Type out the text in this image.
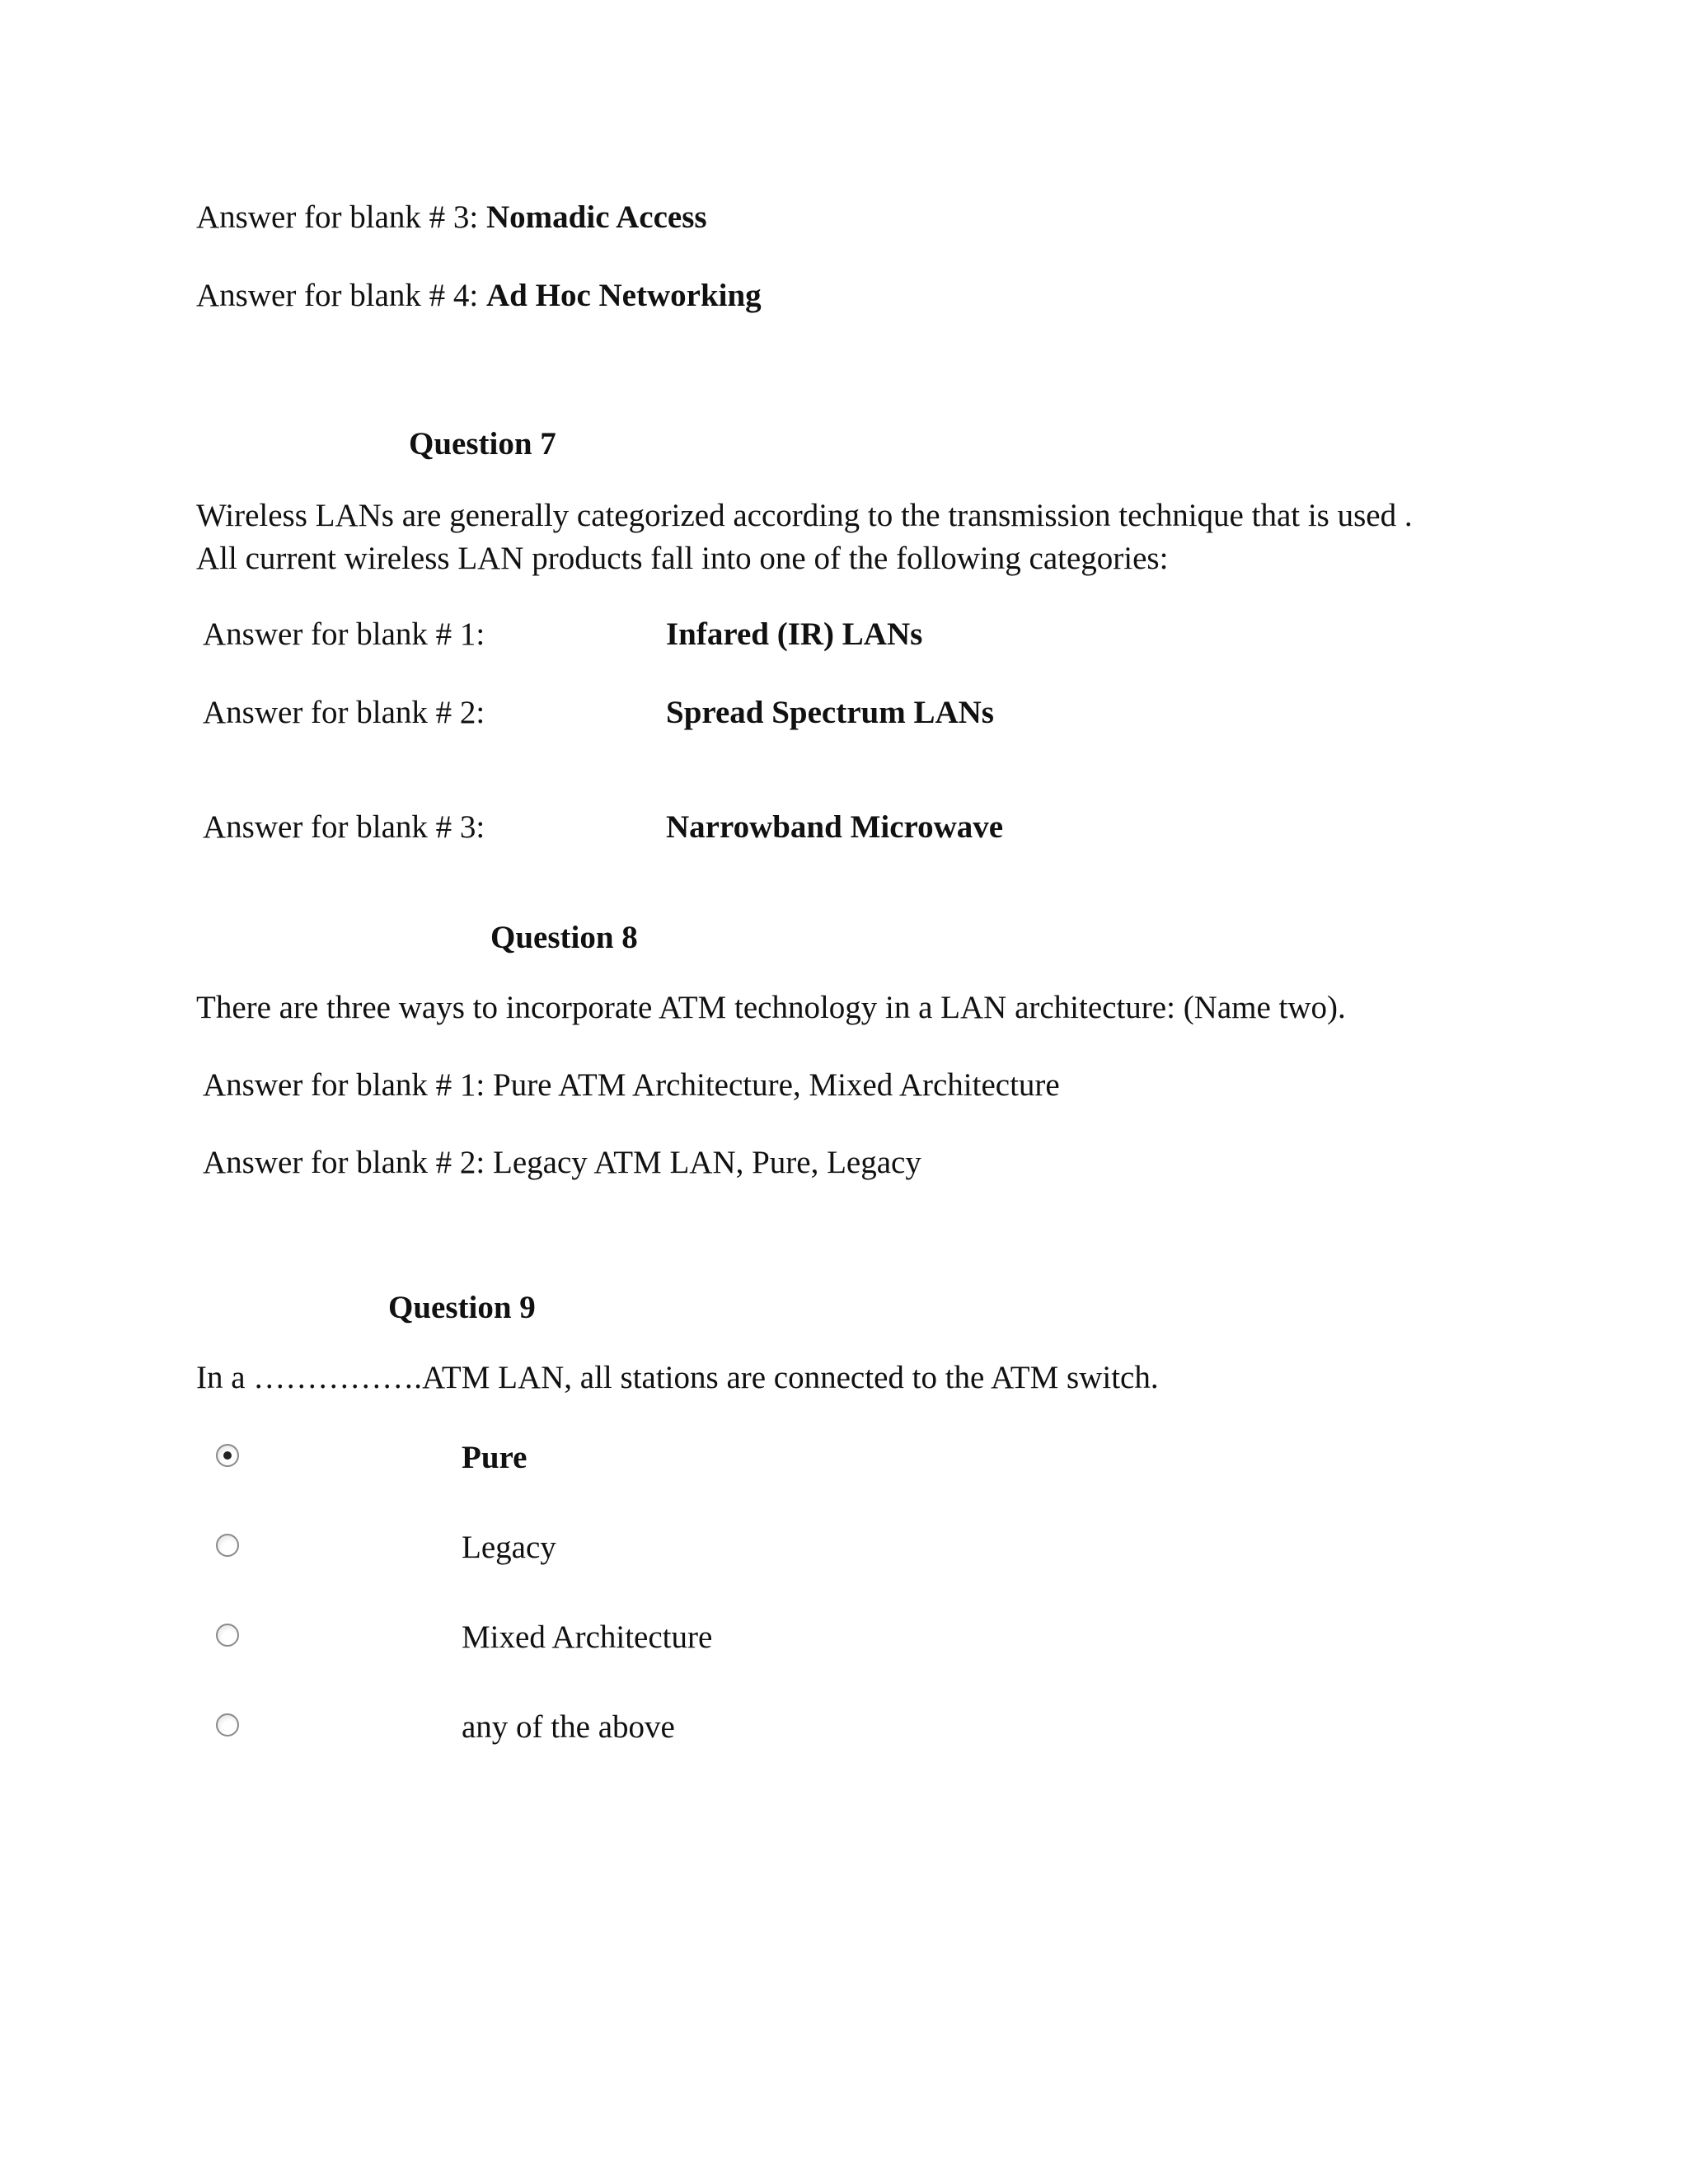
Answer for blank # 3: Nomadic Access
Answer for blank # 4: Ad Hoc Networking
Question 7
Wireless LANs are generally categorized according to the transmission technique that is used .
All current wireless LAN products fall into one of the following categories:
Answer for blank # 1:	Infared (IR) LANs
Answer for blank # 2:	Spread Spectrum LANs
Answer for blank # 3:	Narrowband Microwave
Question 8
There are three ways to incorporate ATM technology in a LAN architecture: (Name two).
Answer for blank # 1: Pure ATM Architecture, Mixed Architecture
Answer for blank # 2: Legacy ATM LAN, Pure, Legacy
Question 9
In a …………….ATM LAN, all stations are connected to the ATM switch.
Pure
Legacy
Mixed Architecture
any of the above
